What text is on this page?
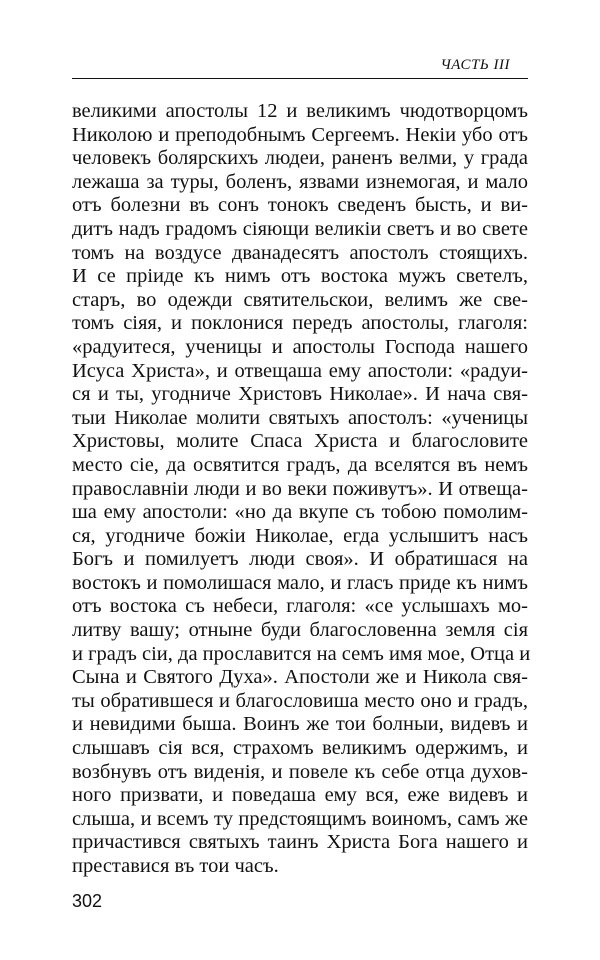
ЧАСТЬ III
великими апостолы 12 и великимъ чюдотворцомъ
Николою и преподобнымъ Сергеемъ. Некіи убо отъ
человекъ болярскихъ людеи, раненъ велми, у града
лежаша за туры, боленъ, язвами изнемогая, и мало
отъ болезни въ сонъ тонокъ сведенъ бысть, и ви-
дитъ надъ градомъ сіяющи великіи светъ и во свете
томъ на воздусе дванадесятъ апостолъ стоящихъ.
И се пріиде къ нимъ отъ востока мужъ светелъ,
старъ, во одежди святительскои, велимъ же све-
томъ сіяя, и поклонися передъ апостолы, глаголя:
«радуитеся, ученицы и апостолы Господа нашего
Исуса Христа», и отвещаша ему апостоли: «радуи-
ся и ты, угодниче Христовъ Николае». И нача свя-
тыи Николае молити святыхъ апостолъ: «ученицы
Христовы, молите Спаса Христа и благословите
место сіе, да освятится градъ, да вселятся въ немъ
православніи люди и во веки поживутъ». И отвеща-
ша ему апостоли: «но да вкупе съ тобою помолим-
ся, угодниче божіи Николае, егда услышитъ насъ
Богъ и помилуетъ люди своя». И обратишася на
востокъ и помолишася мало, и гласъ приде къ нимъ
отъ востока съ небеси, глаголя: «се услышахъ мо-
литву вашу; отныне буди благословенна земля сія
и градъ сіи, да прославится на семъ имя мое, Отца и
Сына и Святого Духа». Апостоли же и Никола свя-
ты обратившеся и благословиша место оно и градъ,
и невидими быша. Воинъ же тои болныи, видевъ и
слышавъ сія вся, страхомъ великимъ одержимъ, и
возбнувъ отъ виденія, и повеле къ себе отца духов-
ного призвати, и поведаша ему вся, еже видевъ и
слыша, и всемъ ту предстоящимъ воиномъ, самъ же
причастився святыхъ таинъ Христа Бога нашего и
преставися въ тои часъ.
302
